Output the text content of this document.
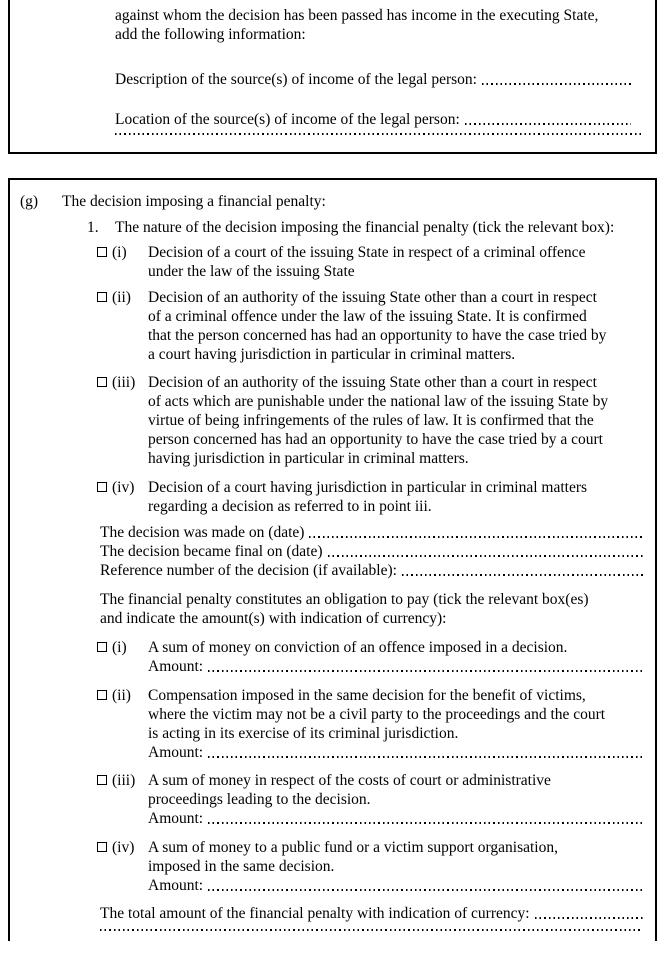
against whom the decision has been passed has income in the executing State,
add the following information:
Description of the source(s) of income of the legal person:
Location of the source(s) of income of the legal person:
(g)	The decision imposing a financial penalty:
1.	The nature of the decision imposing the financial penalty (tick the relevant box):
(i)	Decision of a court of the issuing State in respect of a criminal offence
under the law of the issuing State
(ii)	Decision of an authority of the issuing State other than a court in respect
of a criminal offence under the law of the issuing State. It is confirmed
that the person concerned has had an opportunity to have the case tried by
a court having jurisdiction in particular in criminal matters.
(iii) Decision of an authority of the issuing State other than a court in respect
of acts which are punishable under the national law of the issuing State by
virtue of being infringements of the rules of law. It is confirmed that the
person concerned has had an opportunity to have the case tried by a court
having jurisdiction in particular in criminal matters.
(iv) Decision of a court having jurisdiction in particular in criminal matters
regarding a decision as referred to in point iii.
The decision was made on (date)
The decision became final on (date)
Reference number of the decision (if available):
The financial penalty constitutes an obligation to pay (tick the relevant box(es)
and indicate the amount(s) with indication of currency):
(i)	A sum of money on conviction of an offence imposed in a decision.
Amount:
(ii)	Compensation imposed in the same decision for the benefit of victims,
where the victim may not be a civil party to the proceedings and the court
is acting in its exercise of its criminal jurisdiction.
Amount:
(iii) A sum of money in respect of the costs of court or administrative
proceedings leading to the decision.
Amount:
(iv) A sum of money to a public fund or a victim support organisation,
imposed in the same decision.
Amount:
The total amount of the financial penalty with indication of currency:
